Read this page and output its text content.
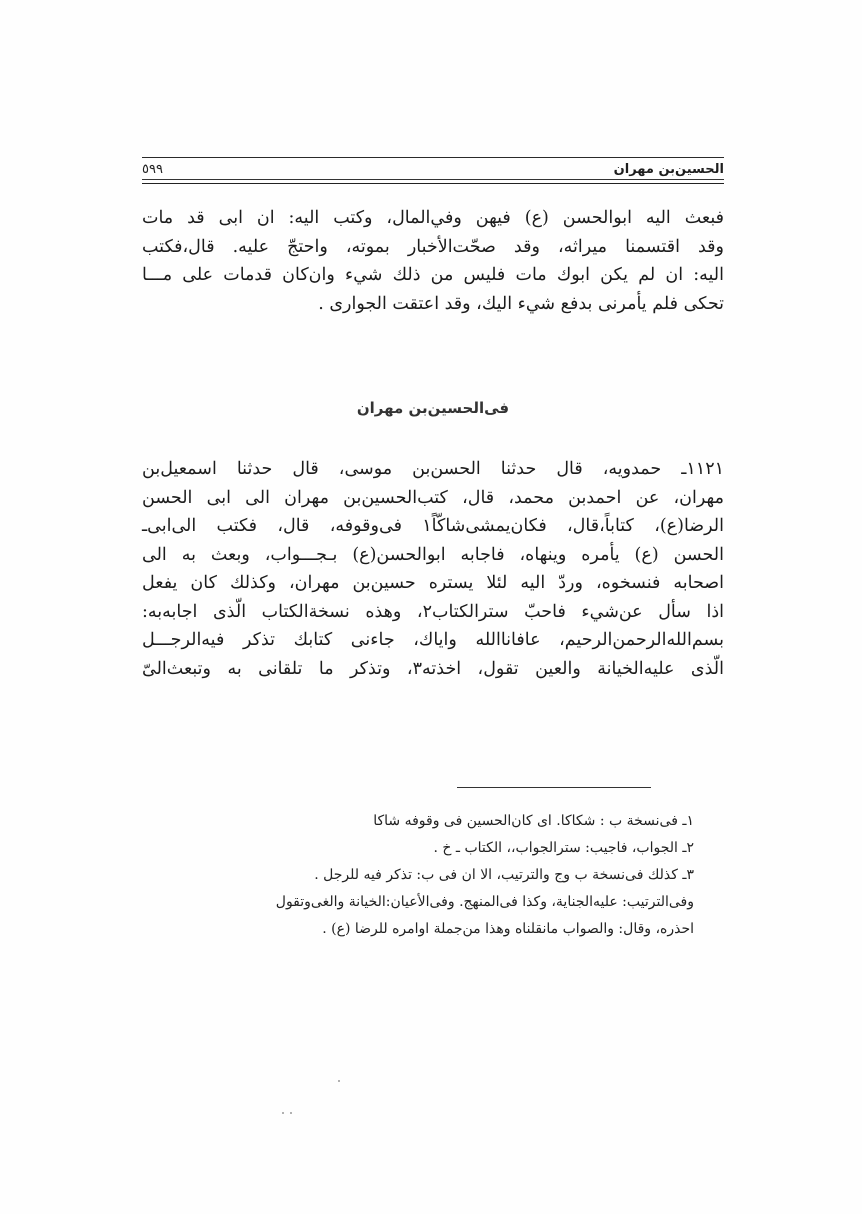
الحسين‌بن مهران
٥٩٩
فبعث اليه ابوالحسن (ع) فيهن وفي‌المال، وكتب اليه: ان ابى قد مات
وقد اقتسمنا ميراثه، وقد صحّت‌الأخبار بموته، واحتجّ عليه. قال،فكتب
اليه: ان لم يكن ابوك مات فليس من ذلك شيء وان‌كان قدمات على مـــا
تحكى فلم يأمرنى بدفع شيء اليك، وقد اعتقت الجوارى .
فى‌الحسين‌بن مهران
١١٢١ـ حمدويه، قال حدثنا الحسن‌بن موسى، قال حدثنا اسمعيل‌بن
مهران، عن احمدبن محمد، قال، كتب‌الحسين‌بن مهران الى ابى الحسن
الرضا(ع)، كتاباً،قال، فكان‌يمشى‌شاكّاً١ فى‌وقوفه، قال، فكتب الى‌ابى‌ـ
الحسن (ع) يأمره وينهاه، فاجابه ابوالحسن(ع) بـجـــواب، وبعث به الى
اصحابه فنسخوه، وردّ اليه لئلا يستره حسين‌بن مهران، وكذلك كان يفعل
اذا سأل عن‌شيء فاحبّ ستر‌الكتاب٢، وهذه نسخة‌الكتاب الّذى اجابه‌به:
بسم‌الله‌الرحمن‌الرحيم، عافانا‌الله واياك، جاءنى كتابك تذكر فيه‌الرجـــل
الّذى عليه‌الخيانة والعين تقول، اخذته٣، وتذكر ما تلقانى به وتبعث‌الىّ
١ـ فى‌نسخة ب : شكاكا. اى كان‌الحسين فى وقوفه شاكا
٢ـ الجواب، فاجيب: ستر‌الجواب،، الكتاب ـ خ .
٣ـ كذلك فى‌نسخة ب وج والترتيب، الا ان فى ب: تذكر فيه للرجل .
وفى‌الترتيب: عليه‌الجناية، وكذا فى‌المنهج. وفى‌الأعيان:الخيانة والغى‌وتقول
احذره، وقال: والصواب مانقلناه وهذا من‌جملة اوامره للرضا (ع) .
